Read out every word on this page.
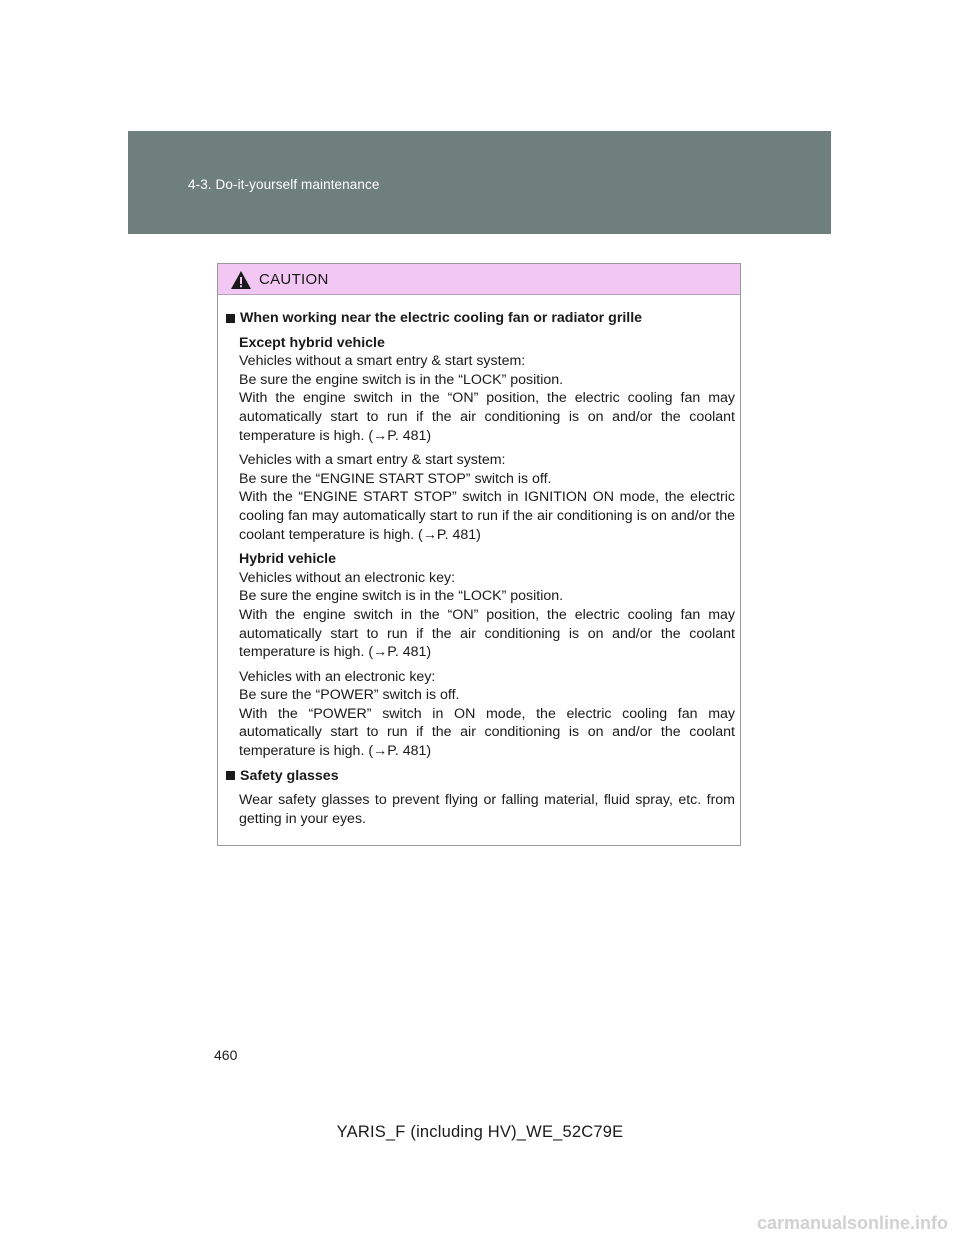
4-3. Do-it-yourself maintenance
CAUTION
When working near the electric cooling fan or radiator grille

Except hybrid vehicle

Vehicles without a smart entry & start system:

Be sure the engine switch is in the “LOCK” position.

With the engine switch in the “ON” position, the electric cooling fan may automatically start to run if the air conditioning is on and/or the coolant temperature is high. (→P. 481)

Vehicles with a smart entry & start system:

Be sure the “ENGINE START STOP” switch is off.

With the “ENGINE START STOP” switch in IGNITION ON mode, the electric cooling fan may automatically start to run if the air conditioning is on and/or the coolant temperature is high. (→P. 481)

Hybrid vehicle

Vehicles without an electronic key:

Be sure the engine switch is in the “LOCK” position.

With the engine switch in the “ON” position, the electric cooling fan may automatically start to run if the air conditioning is on and/or the coolant temperature is high. (→P. 481)

Vehicles with an electronic key:

Be sure the “POWER” switch is off.

With the “POWER” switch in ON mode, the electric cooling fan may automatically start to run if the air conditioning is on and/or the coolant temperature is high. (→P. 481)

Safety glasses

Wear safety glasses to prevent flying or falling material, fluid spray, etc. from getting in your eyes.

460
YARIS_F (including HV)_WE_52C79E
carmanualsonline.info
